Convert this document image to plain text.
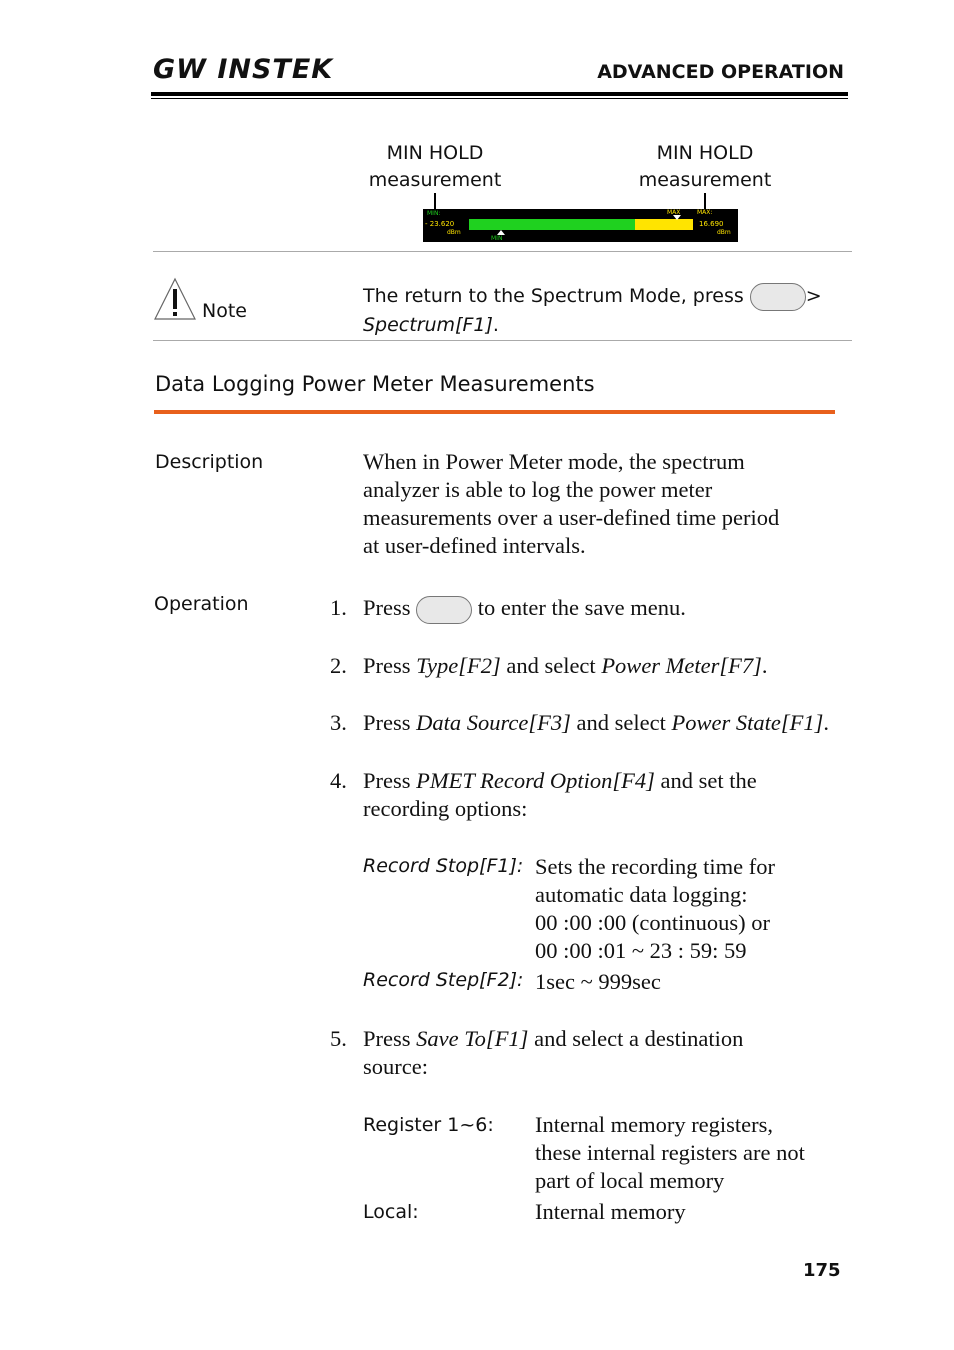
GW INSTEK	ADVANCED OPERATION
MIN HOLD
measurement
MIN HOLD
measurement
MIN:
- 23.620
dBm
MAX
MIN
MAX:
16.690
dBm
Note
The return to the Spectrum Mode, press	>
Spectrum[F1].
Data Logging Power Meter Measurements
Description	When in Power Meter mode, the spectrum
analyzer is able to log the power meter
measurements over a user-defined time period
at user-defined intervals.
Operation	1. Press	to enter the save menu.
2. Press Type[F2] and select Power Meter[F7].
3. Press Data Source[F3] and select Power State[F1].
4. Press PMET Record Option[F4] and set the
recording options:
Record Stop[F1]: Sets the recording time for
automatic data logging:
00 :00 :00 (continuous) or
00 :00 :01 ~ 23 : 59: 59
Record Step[F2]: 1sec ~ 999sec
5. Press Save To[F1] and select a destination
source:
Register 1~6: Internal memory registers,
these internal registers are not
part of local memory
Local:	Internal memory
175
